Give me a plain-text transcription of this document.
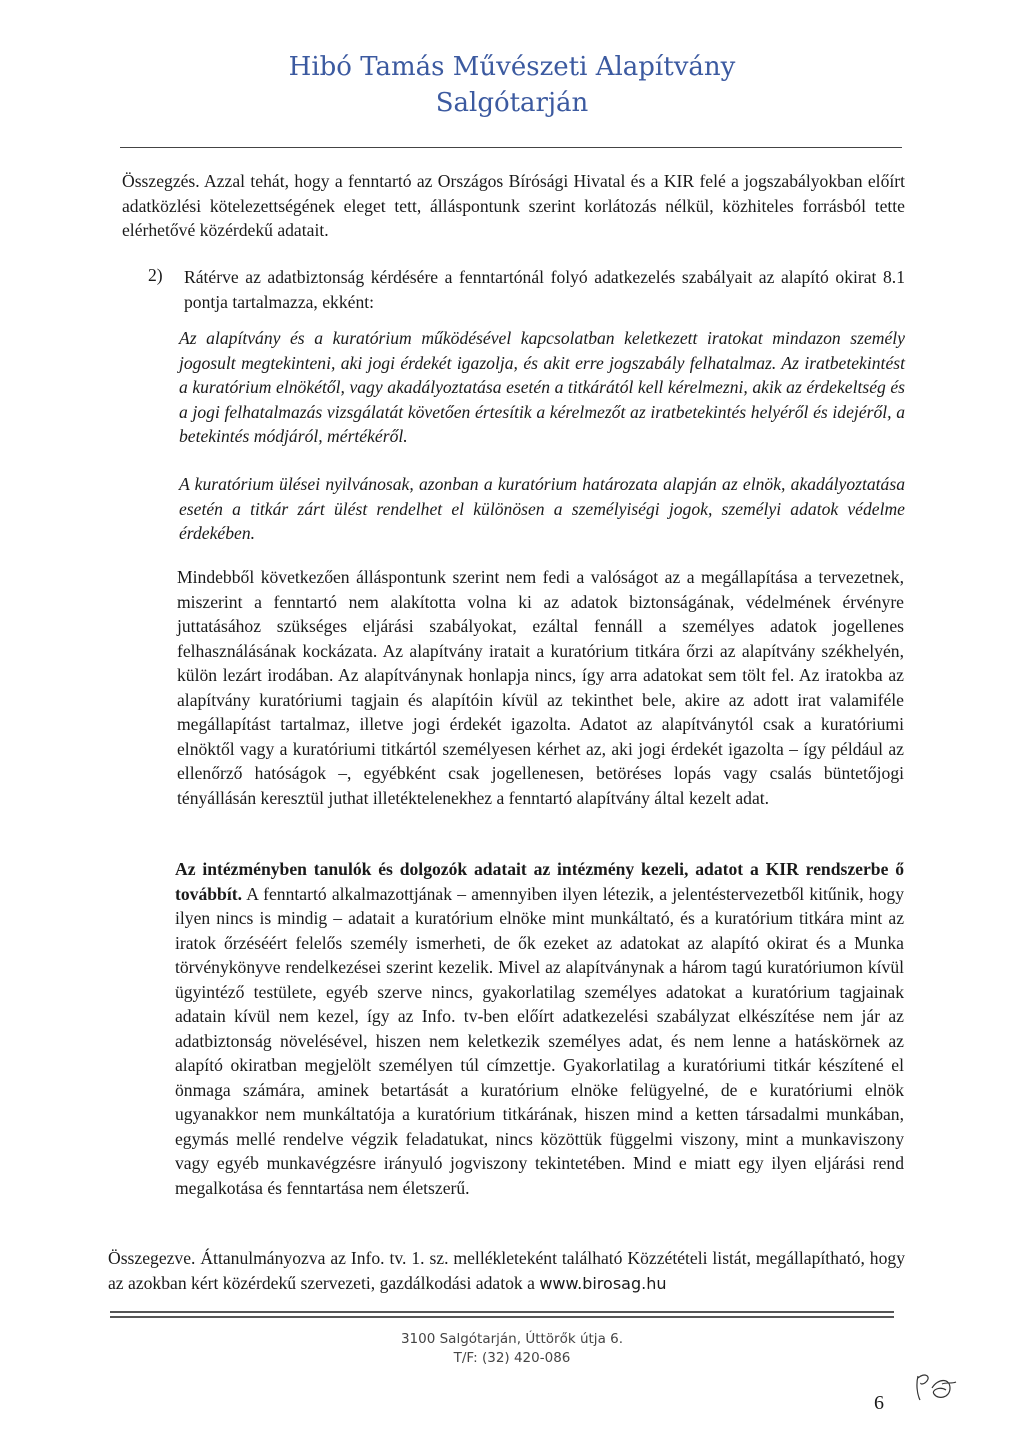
Hibó Tamás Művészeti Alapítvány
Salgótarján

Összegzés. Azzal tehát, hogy a fenntartó az Országos Bírósági Hivatal és a KIR felé a jogszabályokban előírt adatközlési kötelezettségének eleget tett, álláspontunk szerint korlátozás nélkül, közhiteles forrásból tette elérhetővé közérdekű adatait.

2) Rátérve az adatbiztonság kérdésére a fenntartónál folyó adatkezelés szabályait az alapító okirat 8.1 pontja tartalmazza, ekként:

Az alapítvány és a kuratórium működésével kapcsolatban keletkezett iratokat mindazon személy jogosult megtekinteni, aki jogi érdekét igazolja, és akit erre jogszabály felhatalmaz. Az iratbetekintést a kuratórium elnökétől, vagy akadályoztatása esetén a titkárától kell kérelmezni, akik az érdekeltség és a jogi felhatalmazás vizsgálatát követően értesítik a kérelmezőt az iratbetekintés helyéről és idejéről, a betekintés módjáról, mértékéről.

A kuratórium ülései nyilvánosak, azonban a kuratórium határozata alapján az elnök, akadályoztatása esetén a titkár zárt ülést rendelhet el különösen a személyiségi jogok, személyi adatok védelme érdekében.

Mindebből következően álláspontunk szerint nem fedi a valóságot az a megállapítása a tervezetnek, miszerint a fenntartó nem alakította volna ki az adatok biztonságának, védelmének érvényre juttatásához szükséges eljárási szabályokat, ezáltal fennáll a személyes adatok jogellenes felhasználásának kockázata. Az alapítvány iratait a kuratórium titkára őrzi az alapítvány székhelyén, külön lezárt irodában. Az alapítványnak honlapja nincs, így arra adatokat sem tölt fel. Az iratokba az alapítvány kuratóriumi tagjain és alapítóin kívül az tekinthet bele, akire az adott irat valamiféle megállapítást tartalmaz, illetve jogi érdekét igazolta. Adatot az alapítványtól csak a kuratóriumi elnöktől vagy a kuratóriumi titkártól személyesen kérhet az, aki jogi érdekét igazolta – így például az ellenőrző hatóságok –, egyébként csak jogellenesen, betöréses lopás vagy csalás büntetőjogi tényállásán keresztül juthat illetéktelenekhez a fenntartó alapítvány által kezelt adat.

Az intézményben tanulók és dolgozók adatait az intézmény kezeli, adatot a KIR rendszerbe ő továbbít. A fenntartó alkalmazottjának – amennyiben ilyen létezik, a jelentéstervezetből kitűnik, hogy ilyen nincs is mindig – adatait a kuratórium elnöke mint munkáltató, és a kuratórium titkára mint az iratok őrzéséért felelős személy ismerheti, de ők ezeket az adatokat az alapító okirat és a Munka törvénykönyve rendelkezései szerint kezelik. Mivel az alapítványnak a három tagú kuratóriumon kívül ügyintéző testülete, egyéb szerve nincs, gyakorlatilag személyes adatokat a kuratórium tagjainak adatain kívül nem kezel, így az Info. tv-ben előírt adatkezelési szabályzat elkészítése nem jár az adatbiztonság növelésével, hiszen nem keletkezik személyes adat, és nem lenne a hatáskörnek az alapító okiratban megjelölt személyen túl címzettje. Gyakorlatilag a kuratóriumi titkár készítené el önmaga számára, aminek betartását a kuratórium elnöke felügyelné, de e kuratóriumi elnök ugyanakkor nem munkáltatója a kuratórium titkárának, hiszen mind a ketten társadalmi munkában, egymás mellé rendelve végzik feladatukat, nincs közöttük függelmi viszony, mint a munkaviszony vagy egyéb munkavégzésre irányuló jogviszony tekintetében. Mind e miatt egy ilyen eljárási rend megalkotása és fenntartása nem életszerű.

Összegezve. Áttanulmányozva az Info. tv. 1. sz. mellékleteként található Közzétételi listát, megállapítható, hogy az azokban kért közérdekű szervezeti, gazdálkodási adatok a www.birosag.hu

3100 Salgótarján, Úttörők útja 6.
T/F: (32) 420-086
6
